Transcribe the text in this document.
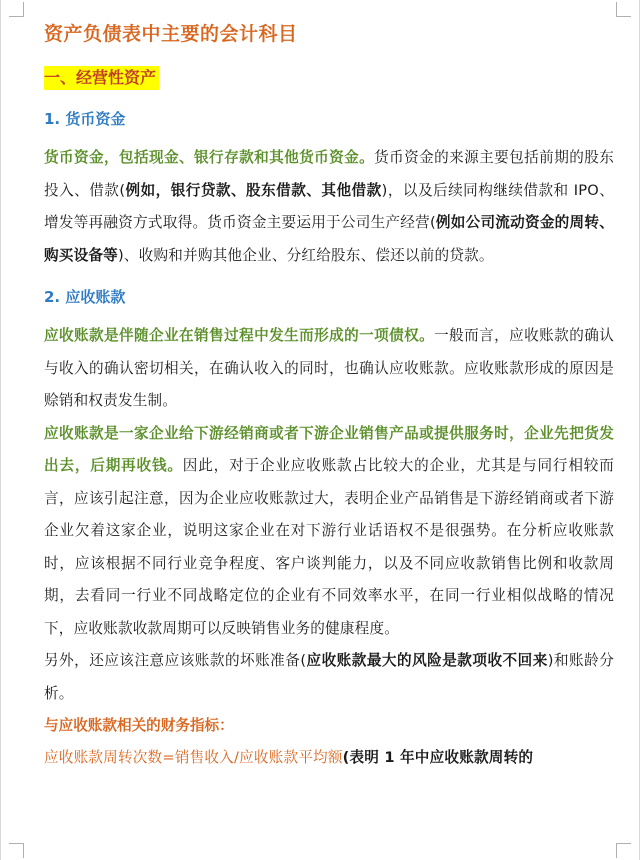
资产负债表中主要的会计科目
一、经营性资产
1. 货币资金

货币资金，包括现金、银行存款和其他货币资金。货币资金的来源主要包括前期的股东投入、借款(例如，银行贷款、股东借款、其他借款)，以及后续同构继续借款和 IPO、增发等再融资方式取得。货币资金主要运用于公司生产经营(例如公司流动资金的周转、购买设备等)、收购和并购其他企业、分红给股东、偿还以前的贷款。

2. 应收账款

应收账款是伴随企业在销售过程中发生而形成的一项债权。一般而言，应收账款的确认与收入的确认密切相关，在确认收入的同时，也确认应收账款。应收账款形成的原因是赊销和权责发生制。

应收账款是一家企业给下游经销商或者下游企业销售产品或提供服务时，企业先把货发出去，后期再收钱。因此，对于企业应收账款占比较大的企业，尤其是与同行相较而言，应该引起注意，因为企业应收账款过大，表明企业产品销售是下游经销商或者下游企业欠着这家企业，说明这家企业在对下游行业话语权不是很强势。在分析应收账款时，应该根据不同行业竞争程度、客户谈判能力，以及不同应收款销售比例和收款周期，去看同一行业不同战略定位的企业有不同效率水平，在同一行业相似战略的情况下，应收账款收款周期可以反映销售业务的健康程度。

另外，还应该注意应该账款的坏账准备(应收账款最大的风险是款项收不回来)和账龄分析。

与应收账款相关的财务指标：

应收账款周转次数=销售收入/应收账款平均额(表明 1 年中应收账款周转的
